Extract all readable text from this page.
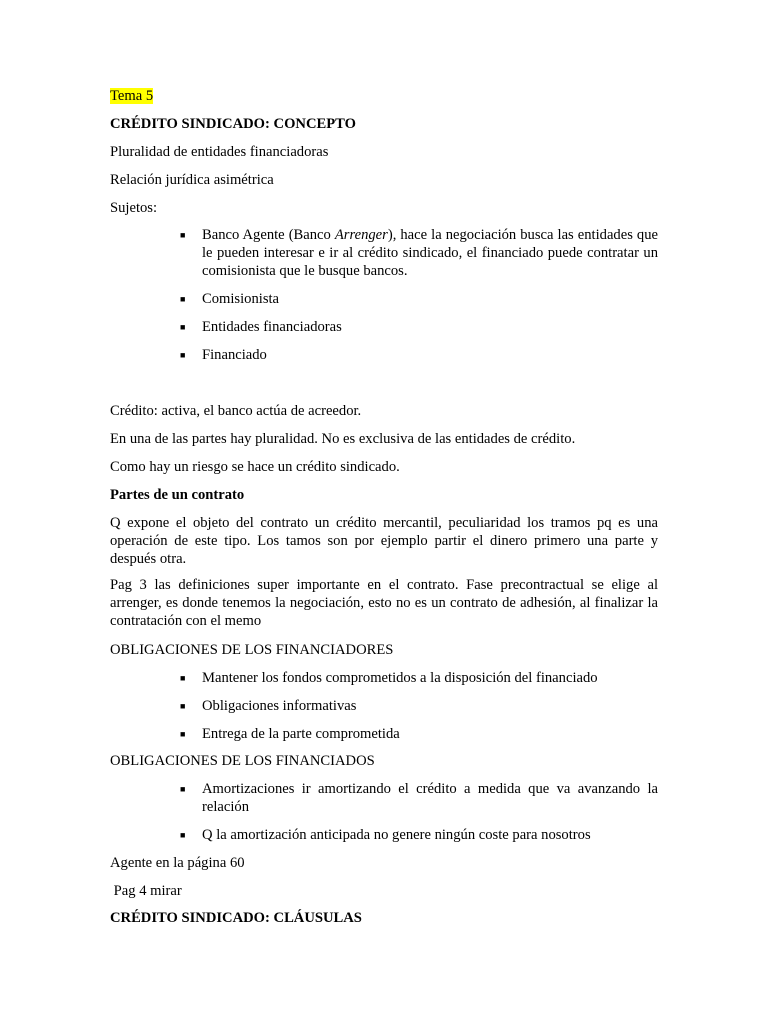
Tema 5

CRÉDITO SINDICADO: CONCEPTO

Pluralidad de entidades financiadoras

Relación jurídica asimétrica

Sujetos:

■ Banco Agente (Banco Arrenger), hace la negociación busca las entidades que le pueden interesar e ir al crédito sindicado, el financiado puede contratar un comisionista que le busque bancos.
■ Comisionista
■ Entidades financiadoras
■ Financiado

Crédito: activa, el banco actúa de acreedor.

En una de las partes hay pluralidad. No es exclusiva de las entidades de crédito.

Como hay un riesgo se hace un crédito sindicado.

Partes de un contrato

Q expone el objeto del contrato un crédito mercantil, peculiaridad los tramos pq es una operación de este tipo. Los tamos son por ejemplo partir el dinero primero una parte y después otra.

Pag 3 las definiciones super importante en el contrato. Fase precontractual se elige al arrenger, es donde tenemos la negociación, esto no es un contrato de adhesión, al finalizar la contratación con el memo

OBLIGACIONES DE LOS FINANCIADORES

■ Mantener los fondos comprometidos a la disposición del financiado
■ Obligaciones informativas
■ Entrega de la parte comprometida

OBLIGACIONES DE LOS FINANCIADOS

■ Amortizaciones ir amortizando el crédito a medida que va avanzando la relación
■ Q la amortización anticipada no genere ningún coste para nosotros

Agente en la página 60

Pag 4 mirar

CRÉDITO SINDICADO: CLÁUSULAS
